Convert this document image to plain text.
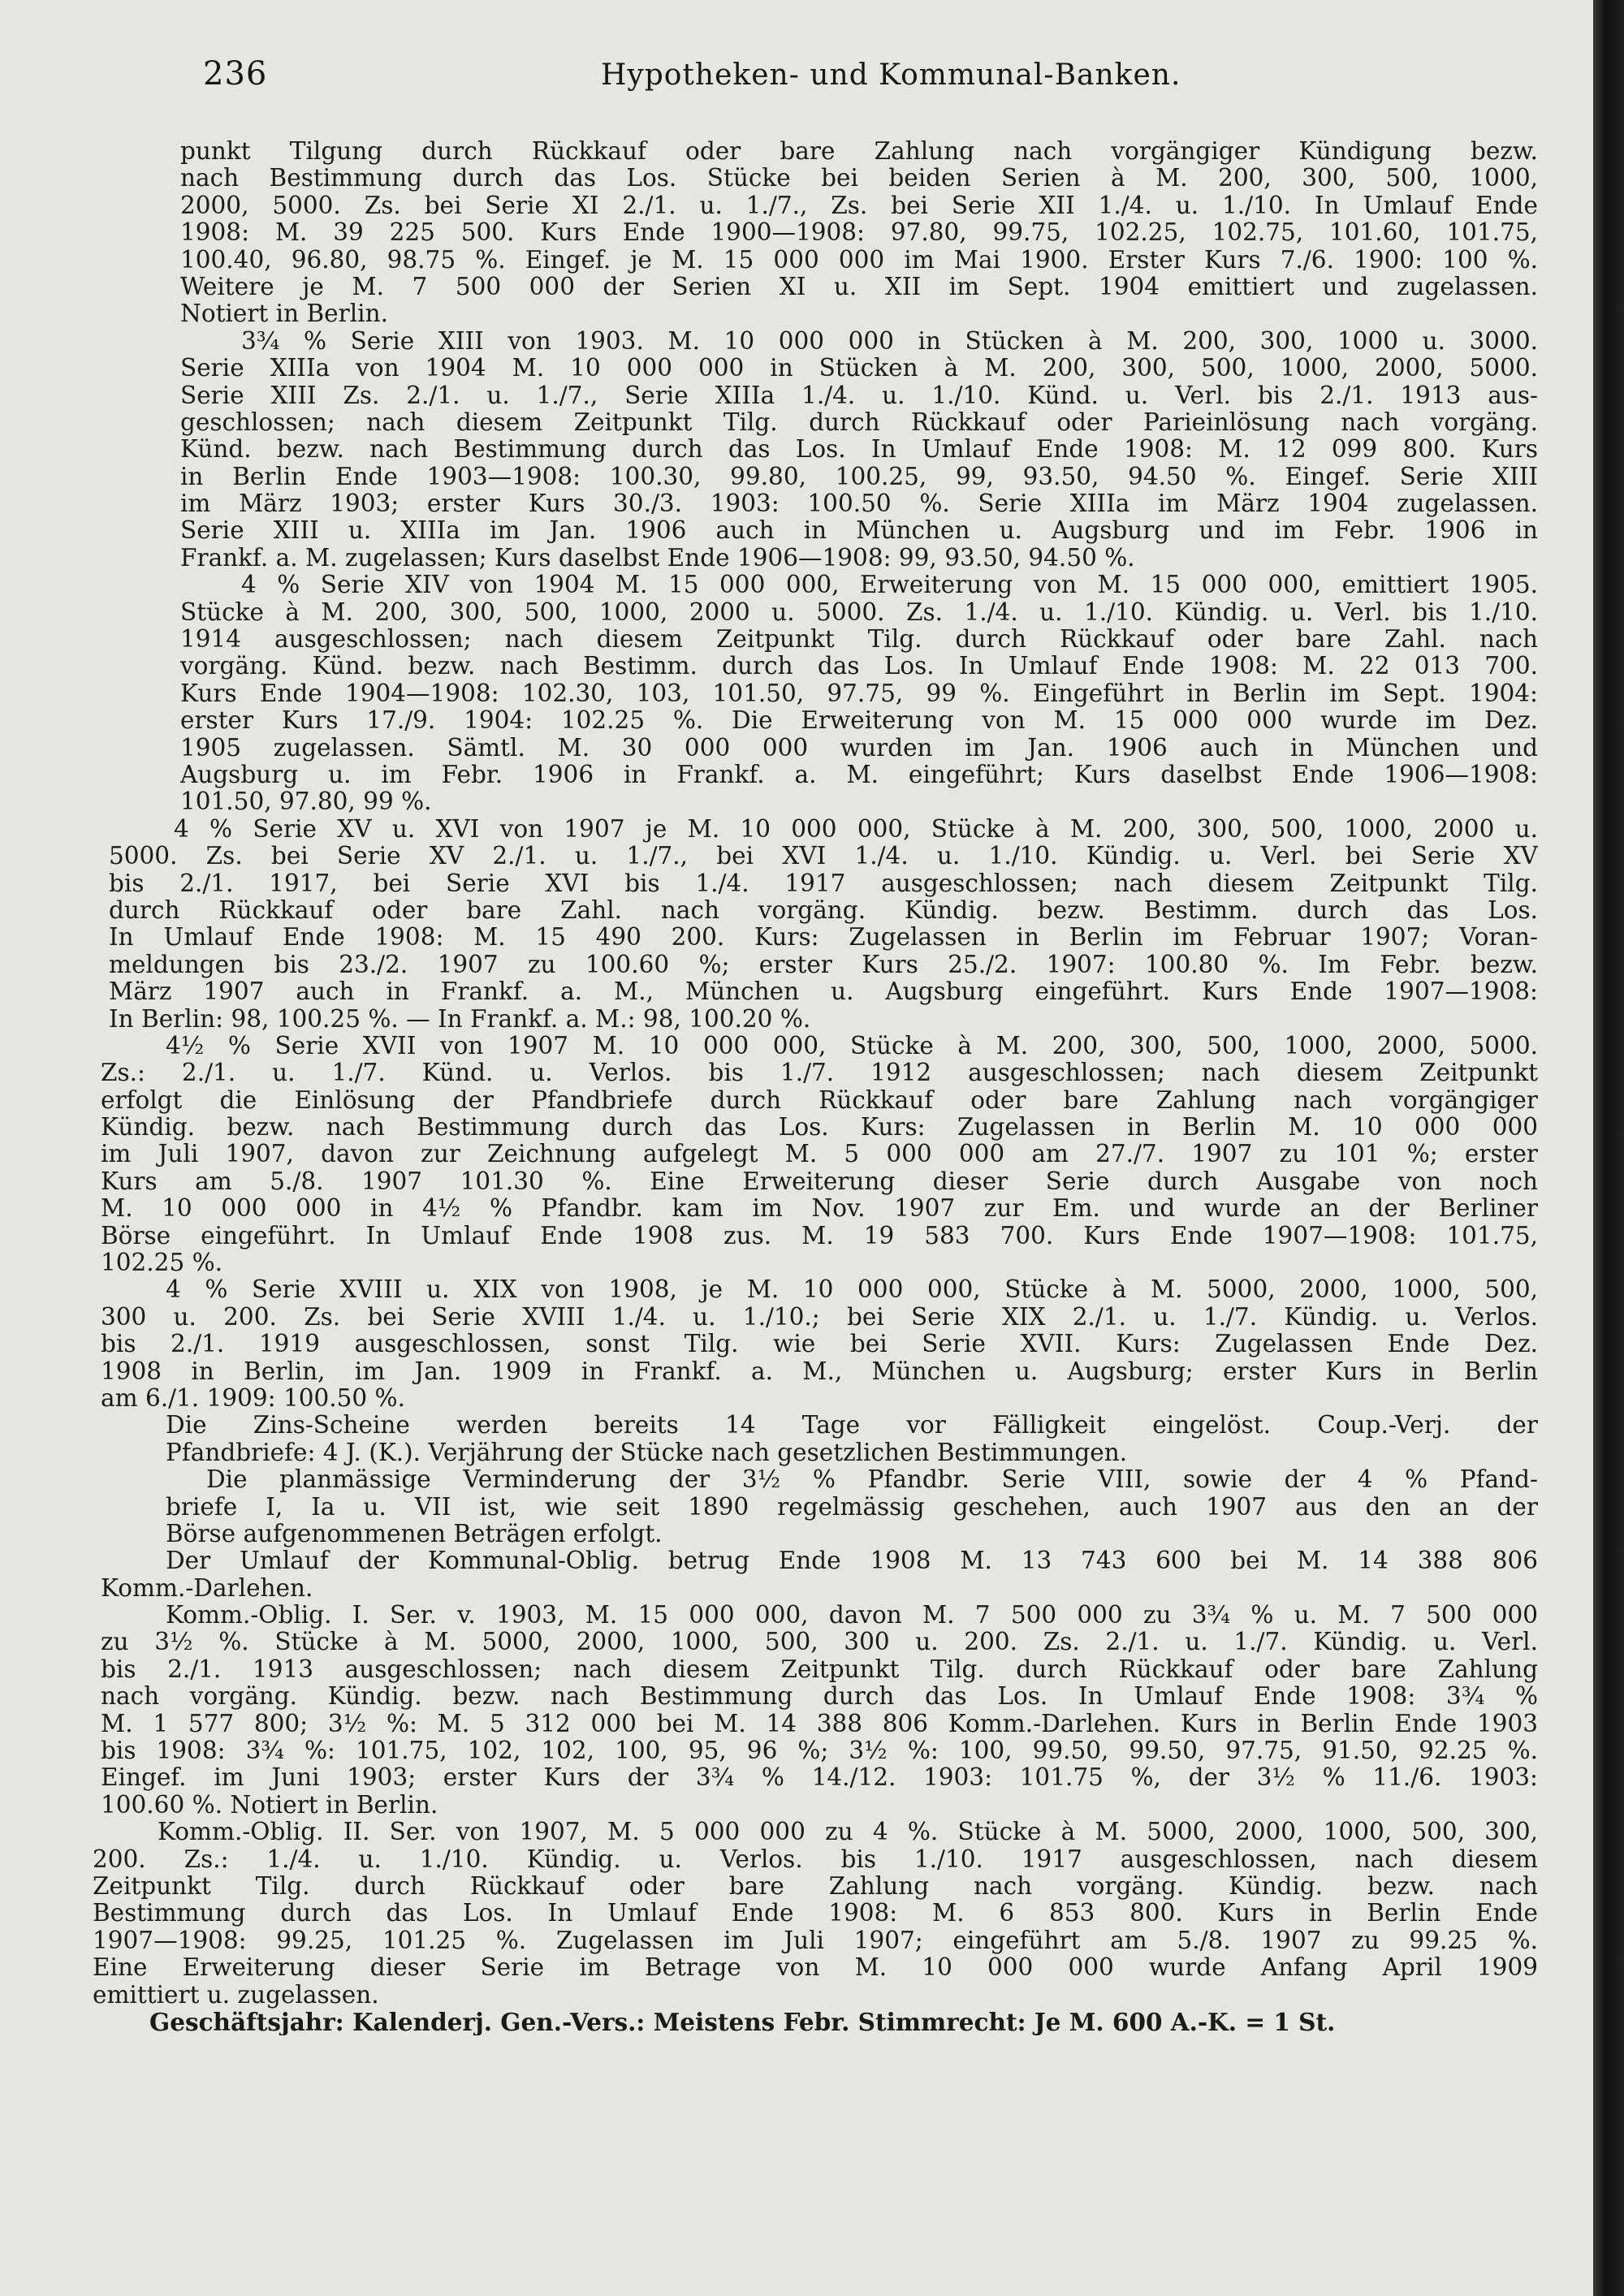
236	Hypotheken- und Kommunal-Banken.
punkt Tilgung durch Rückkauf oder bare Zahlung nach vorgängiger Kündigung bezw.
nach Bestimmung durch das Los. Stücke bei beiden Serien à M. 200, 300, 500, 1000,
2000, 5000. Zs. bei Serie XI 2./1. u. 1./7., Zs. bei Serie XII 1./4. u. 1./10. In Umlauf Ende
1908: M. 39 225 500. Kurs Ende 1900—1908: 97.80, 99.75, 102.25, 102.75, 101.60, 101.75,
100.40, 96.80, 98.75 %. Eingef. je M. 15 000 000 im Mai 1900. Erster Kurs 7./6. 1900: 100 %.
Weitere je M. 7 500 000 der Serien XI u. XII im Sept. 1904 emittiert und zugelassen.
Notiert in Berlin.
3¾ % Serie XIII von 1903. M. 10 000 000 in Stücken à M. 200, 300, 1000 u. 3000.
Serie XIIIa von 1904 M. 10 000 000 in Stücken à M. 200, 300, 500, 1000, 2000, 5000.
Serie XIII Zs. 2./1. u. 1./7., Serie XIIIa 1./4. u. 1./10. Künd. u. Verl. bis 2./1. 1913 aus-
geschlossen; nach diesem Zeitpunkt Tilg. durch Rückkauf oder Parieinlösung nach vorgäng.
Künd. bezw. nach Bestimmung durch das Los. In Umlauf Ende 1908: M. 12 099 800. Kurs
in Berlin Ende 1903—1908: 100.30, 99.80, 100.25, 99, 93.50, 94.50 %. Eingef. Serie XIII
im März 1903; erster Kurs 30./3. 1903: 100.50 %. Serie XIIIa im März 1904 zugelassen.
Serie XIII u. XIIIa im Jan. 1906 auch in München u. Augsburg und im Febr. 1906 in
Frankf. a. M. zugelassen; Kurs daselbst Ende 1906—1908: 99, 93.50, 94.50 %.
4 % Serie XIV von 1904 M. 15 000 000, Erweiterung von M. 15 000 000, emittiert 1905.
Stücke à M. 200, 300, 500, 1000, 2000 u. 5000. Zs. 1./4. u. 1./10. Kündig. u. Verl. bis 1./10.
1914 ausgeschlossen; nach diesem Zeitpunkt Tilg. durch Rückkauf oder bare Zahl. nach
vorgäng. Künd. bezw. nach Bestimm. durch das Los. In Umlauf Ende 1908: M. 22 013 700.
Kurs Ende 1904—1908: 102.30, 103, 101.50, 97.75, 99 %. Eingeführt in Berlin im Sept. 1904:
erster Kurs 17./9. 1904: 102.25 %. Die Erweiterung von M. 15 000 000 wurde im Dez.
1905 zugelassen. Sämtl. M. 30 000 000 wurden im Jan. 1906 auch in München und
Augsburg u. im Febr. 1906 in Frankf. a. M. eingeführt; Kurs daselbst Ende 1906—1908:
101.50, 97.80, 99 %.
4 % Serie XV u. XVI von 1907 je M. 10 000 000, Stücke à M. 200, 300, 500, 1000, 2000 u.
5000. Zs. bei Serie XV 2./1. u. 1./7., bei XVI 1./4. u. 1./10. Kündig. u. Verl. bei Serie XV
bis 2./1. 1917, bei Serie XVI bis 1./4. 1917 ausgeschlossen; nach diesem Zeitpunkt Tilg.
durch Rückkauf oder bare Zahl. nach vorgäng. Kündig. bezw. Bestimm. durch das Los.
In Umlauf Ende 1908: M. 15 490 200. Kurs: Zugelassen in Berlin im Februar 1907; Voran-
meldungen bis 23./2. 1907 zu 100.60 %; erster Kurs 25./2. 1907: 100.80 %. Im Febr. bezw.
März 1907 auch in Frankf. a. M., München u. Augsburg eingeführt. Kurs Ende 1907—1908:
In Berlin: 98, 100.25 %. — In Frankf. a. M.: 98, 100.20 %.
4½ % Serie XVII von 1907 M. 10 000 000, Stücke à M. 200, 300, 500, 1000, 2000, 5000.
Zs.: 2./1. u. 1./7. Künd. u. Verlos. bis 1./7. 1912 ausgeschlossen; nach diesem Zeitpunkt
erfolgt die Einlösung der Pfandbriefe durch Rückkauf oder bare Zahlung nach vorgängiger
Kündig. bezw. nach Bestimmung durch das Los. Kurs: Zugelassen in Berlin M. 10 000 000
im Juli 1907, davon zur Zeichnung aufgelegt M. 5 000 000 am 27./7. 1907 zu 101 %; erster
Kurs am 5./8. 1907 101.30 %. Eine Erweiterung dieser Serie durch Ausgabe von noch
M. 10 000 000 in 4½ % Pfandbr. kam im Nov. 1907 zur Em. und wurde an der Berliner
Börse eingeführt. In Umlauf Ende 1908 zus. M. 19 583 700. Kurs Ende 1907—1908: 101.75,
102.25 %.
4 % Serie XVIII u. XIX von 1908, je M. 10 000 000, Stücke à M. 5000, 2000, 1000, 500,
300 u. 200. Zs. bei Serie XVIII 1./4. u. 1./10.; bei Serie XIX 2./1. u. 1./7. Kündig. u. Verlos.
bis 2./1. 1919 ausgeschlossen, sonst Tilg. wie bei Serie XVII. Kurs: Zugelassen Ende Dez.
1908 in Berlin, im Jan. 1909 in Frankf. a. M., München u. Augsburg; erster Kurs in Berlin
am 6./1. 1909: 100.50 %.
Die Zins-Scheine werden bereits 14 Tage vor Fälligkeit eingelöst. Coup.-Verj. der
Pfandbriefe: 4 J. (K.). Verjährung der Stücke nach gesetzlichen Bestimmungen.
Die planmässige Verminderung der 3½ % Pfandbr. Serie VIII, sowie der 4 % Pfand-
briefe I, Ia u. VII ist, wie seit 1890 regelmässig geschehen, auch 1907 aus den an der
Börse aufgenommenen Beträgen erfolgt.
Der Umlauf der Kommunal-Oblig. betrug Ende 1908 M. 13 743 600 bei M. 14 388 806
Komm.-Darlehen.
Komm.-Oblig. I. Ser. v. 1903, M. 15 000 000, davon M. 7 500 000 zu 3¾ % u. M. 7 500 000
zu 3½ %. Stücke à M. 5000, 2000, 1000, 500, 300 u. 200. Zs. 2./1. u. 1./7. Kündig. u. Verl.
bis 2./1. 1913 ausgeschlossen; nach diesem Zeitpunkt Tilg. durch Rückkauf oder bare Zahlung
nach vorgäng. Kündig. bezw. nach Bestimmung durch das Los. In Umlauf Ende 1908: 3¾ %
M. 1 577 800; 3½ %: M. 5 312 000 bei M. 14 388 806 Komm.-Darlehen. Kurs in Berlin Ende 1903
bis 1908: 3¾ %: 101.75, 102, 102, 100, 95, 96 %; 3½ %: 100, 99.50, 99.50, 97.75, 91.50, 92.25 %.
Eingef. im Juni 1903; erster Kurs der 3¾ % 14./12. 1903: 101.75 %, der 3½ % 11./6. 1903:
100.60 %. Notiert in Berlin.
Komm.-Oblig. II. Ser. von 1907, M. 5 000 000 zu 4 %. Stücke à M. 5000, 2000, 1000, 500, 300,
200. Zs.: 1./4. u. 1./10. Kündig. u. Verlos. bis 1./10. 1917 ausgeschlossen, nach diesem
Zeitpunkt Tilg. durch Rückkauf oder bare Zahlung nach vorgäng. Kündig. bezw. nach
Bestimmung durch das Los. In Umlauf Ende 1908: M. 6 853 800. Kurs in Berlin Ende
1907—1908: 99.25, 101.25 %. Zugelassen im Juli 1907; eingeführt am 5./8. 1907 zu 99.25 %.
Eine Erweiterung dieser Serie im Betrage von M. 10 000 000 wurde Anfang April 1909
emittiert u. zugelassen.
Geschäftsjahr: Kalenderj. Gen.-Vers.: Meistens Febr. Stimmrecht: Je M. 600 A.-K. = 1 St.
